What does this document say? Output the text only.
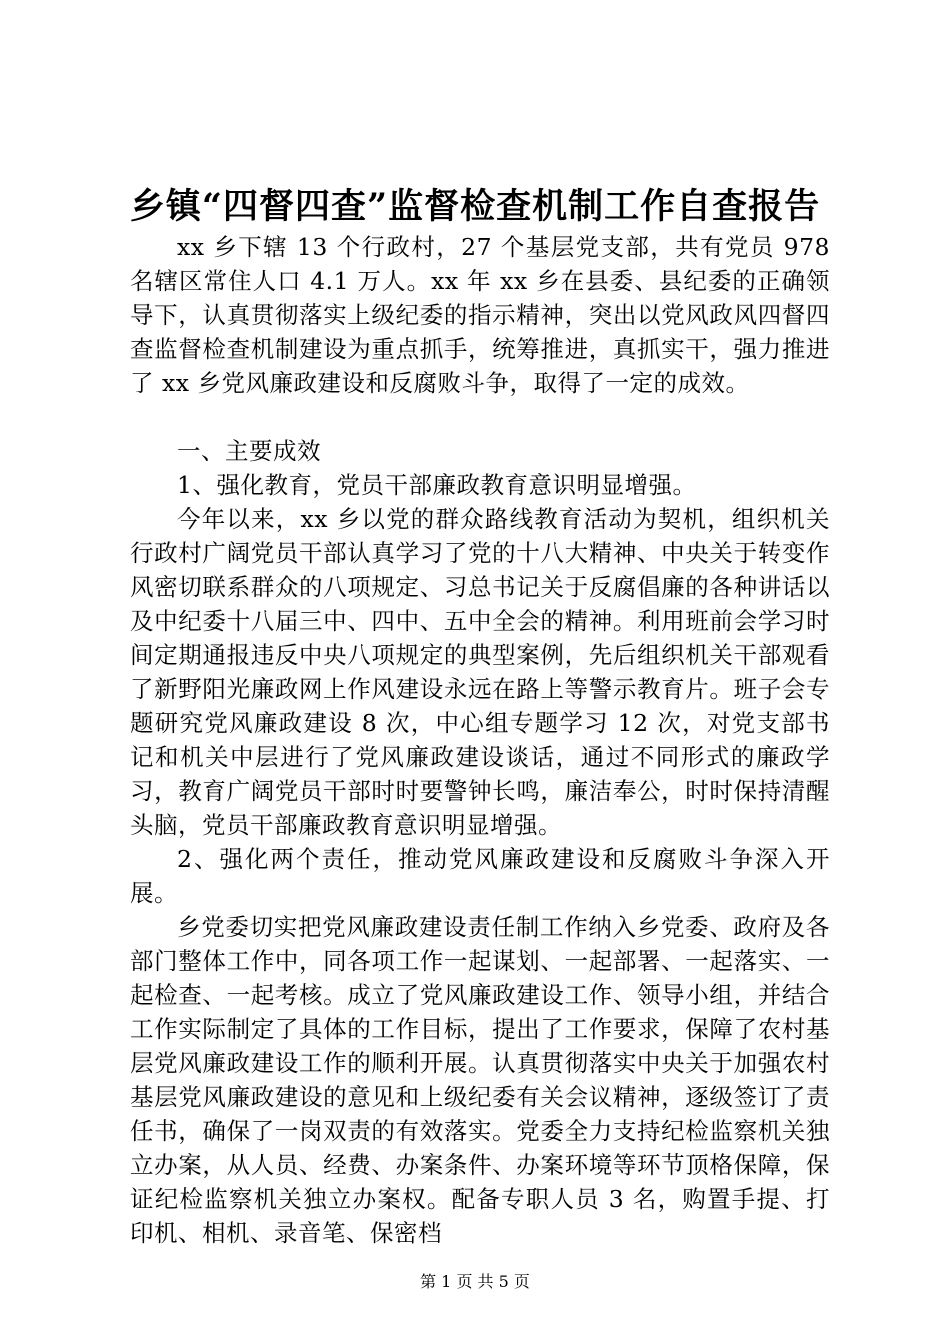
乡镇“四督四查”监督检查机制工作自查报告

xx 乡下辖 13 个行政村，27 个基层党支部，共有党员 978 名辖区常住人口 4.1 万人。xx 年 xx 乡在县委、县纪委的正确领导下，认真贯彻落实上级纪委的指示精神，突出以党风政风四督四查监督检查机制建设为重点抓手，统筹推进，真抓实干，强力推进了 xx 乡党风廉政建设和反腐败斗争，取得了一定的成效。

一、主要成效

1、强化教育，党员干部廉政教育意识明显增强。

今年以来，xx 乡以党的群众路线教育活动为契机，组织机关行政村广阔党员干部认真学习了党的十八大精神、中央关于转变作风密切联系群众的八项规定、习总书记关于反腐倡廉的各种讲话以及中纪委十八届三中、四中、五中全会的精神。利用班前会学习时间定期通报违反中央八项规定的典型案例，先后组织机关干部观看了新野阳光廉政网上作风建设永远在路上等警示教育片。班子会专题研究党风廉政建设 8 次，中心组专题学习 12 次，对党支部书记和机关中层进行了党风廉政建设谈话，通过不同形式的廉政学习，教育广阔党员干部时时要警钟长鸣，廉洁奉公，时时保持清醒头脑，党员干部廉政教育意识明显增强。

2、强化两个责任，推动党风廉政建设和反腐败斗争深入开展。

乡党委切实把党风廉政建设责任制工作纳入乡党委、政府及各部门整体工作中，同各项工作一起谋划、一起部署、一起落实、一起检查、一起考核。成立了党风廉政建设工作、领导小组，并结合工作实际制定了具体的工作目标，提出了工作要求，保障了农村基层党风廉政建设工作的顺利开展。认真贯彻落实中央关于加强农村基层党风廉政建设的意见和上级纪委有关会议精神，逐级签订了责任书，确保了一岗双责的有效落实。党委全力支持纪检监察机关独立办案，从人员、经费、办案条件、办案环境等环节顶格保障，保证纪检监察机关独立办案权。配备专职人员 3 名，购置手提、打印机、相机、录音笔、保密档

第 1 页 共 5 页
